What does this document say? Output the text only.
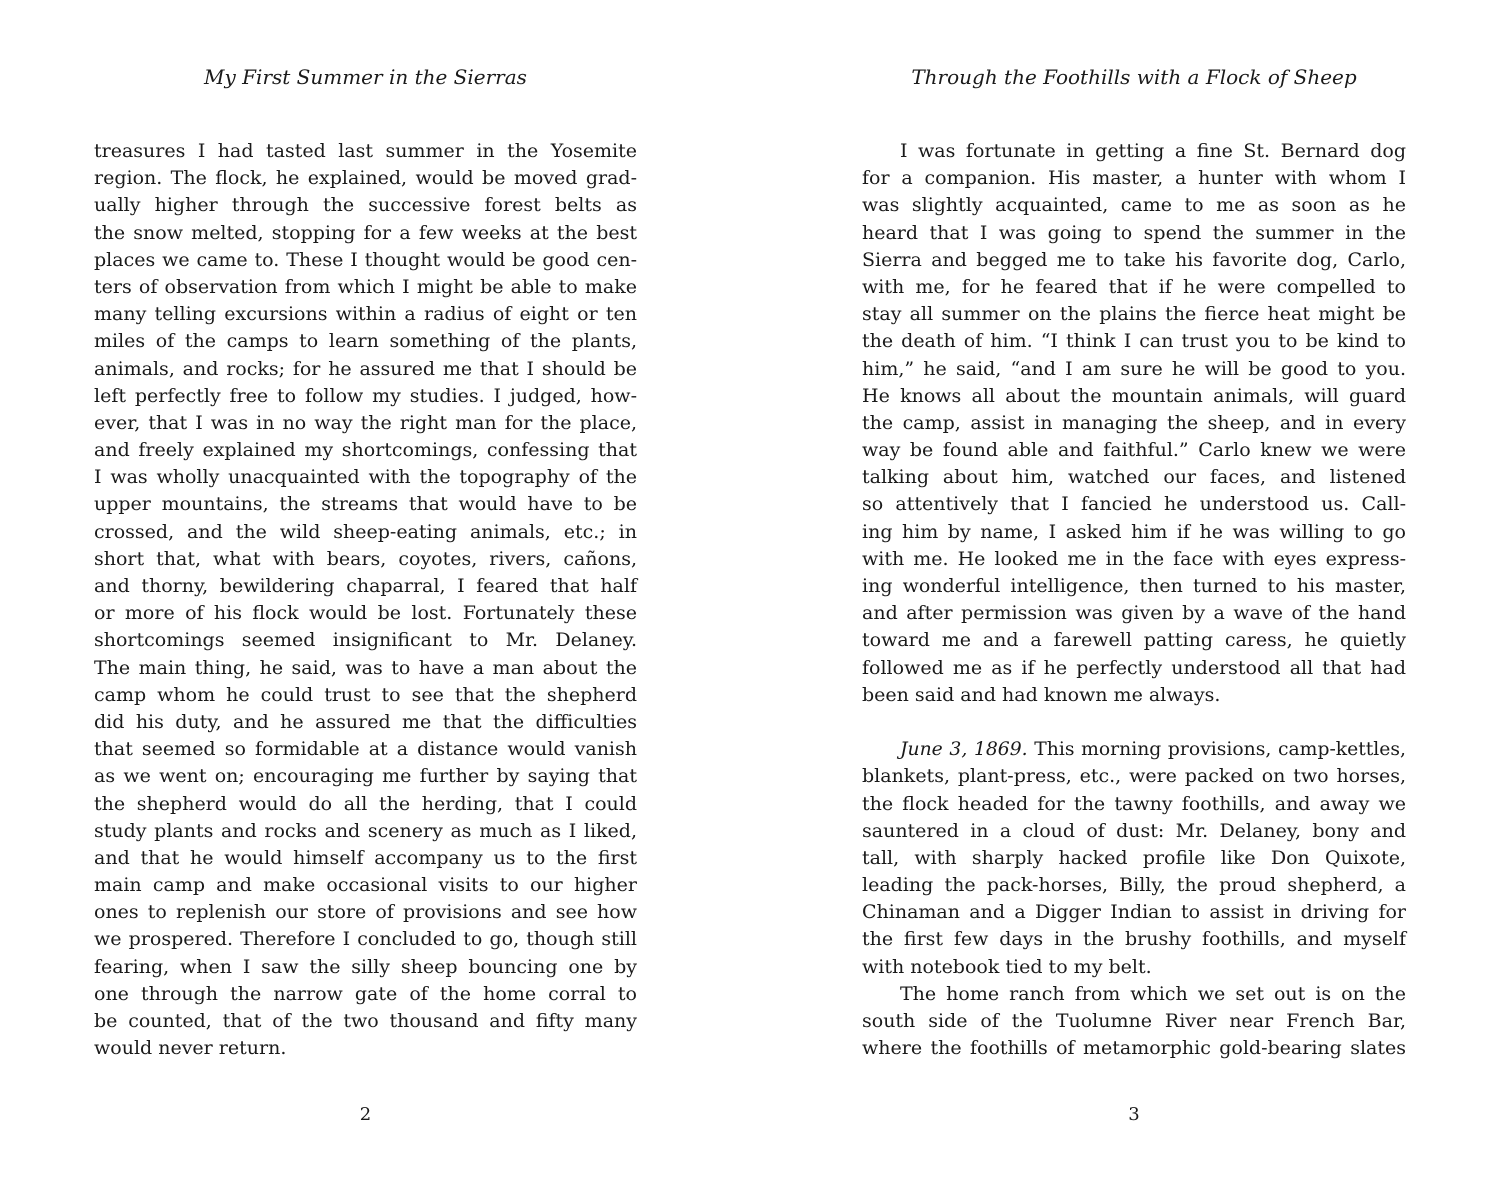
My First Summer in the Sierras
treasures I had tasted last summer in the Yosemite
region. The flock, he explained, would be moved grad-
ually higher through the successive forest belts as
the snow melted, stopping for a few weeks at the best
places we came to. These I thought would be good cen-
ters of observation from which I might be able to make
many telling excursions within a radius of eight or ten
miles of the camps to learn something of the plants,
animals, and rocks; for he assured me that I should be
left perfectly free to follow my studies. I judged, how-
ever, that I was in no way the right man for the place,
and freely explained my shortcomings, confessing that
I was wholly unacquainted with the topography of the
upper mountains, the streams that would have to be
crossed, and the wild sheep-eating animals, etc.; in
short that, what with bears, coyotes, rivers, cañons,
and thorny, bewildering chaparral, I feared that half
or more of his flock would be lost. Fortunately these
shortcomings seemed insignificant to Mr. Delaney.
The main thing, he said, was to have a man about the
camp whom he could trust to see that the shepherd
did his duty, and he assured me that the difficulties
that seemed so formidable at a distance would vanish
as we went on; encouraging me further by saying that
the shepherd would do all the herding, that I could
study plants and rocks and scenery as much as I liked,
and that he would himself accompany us to the first
main camp and make occasional visits to our higher
ones to replenish our store of provisions and see how
we prospered. Therefore I concluded to go, though still
fearing, when I saw the silly sheep bouncing one by
one through the narrow gate of the home corral to
be counted, that of the two thousand and fifty many
would never return.
2
Through the Foothills with a Flock of Sheep
I was fortunate in getting a fine St. Bernard dog
for a companion. His master, a hunter with whom I
was slightly acquainted, came to me as soon as he
heard that I was going to spend the summer in the
Sierra and begged me to take his favorite dog, Carlo,
with me, for he feared that if he were compelled to
stay all summer on the plains the fierce heat might be
the death of him. “I think I can trust you to be kind to
him,” he said, “and I am sure he will be good to you.
He knows all about the mountain animals, will guard
the camp, assist in managing the sheep, and in every
way be found able and faithful.” Carlo knew we were
talking about him, watched our faces, and listened
so attentively that I fancied he understood us. Call-
ing him by name, I asked him if he was willing to go
with me. He looked me in the face with eyes express-
ing wonderful intelligence, then turned to his master,
and after permission was given by a wave of the hand
toward me and a farewell patting caress, he quietly
followed me as if he perfectly understood all that had
been said and had known me always.
June 3, 1869. This morning provisions, camp-kettles,
blankets, plant-press, etc., were packed on two horses,
the flock headed for the tawny foothills, and away we
sauntered in a cloud of dust: Mr. Delaney, bony and
tall, with sharply hacked profile like Don Quixote,
leading the pack-horses, Billy, the proud shepherd, a
Chinaman and a Digger Indian to assist in driving for
the first few days in the brushy foothills, and myself
with notebook tied to my belt.
The home ranch from which we set out is on the
south side of the Tuolumne River near French Bar,
where the foothills of metamorphic gold-bearing slates
3
